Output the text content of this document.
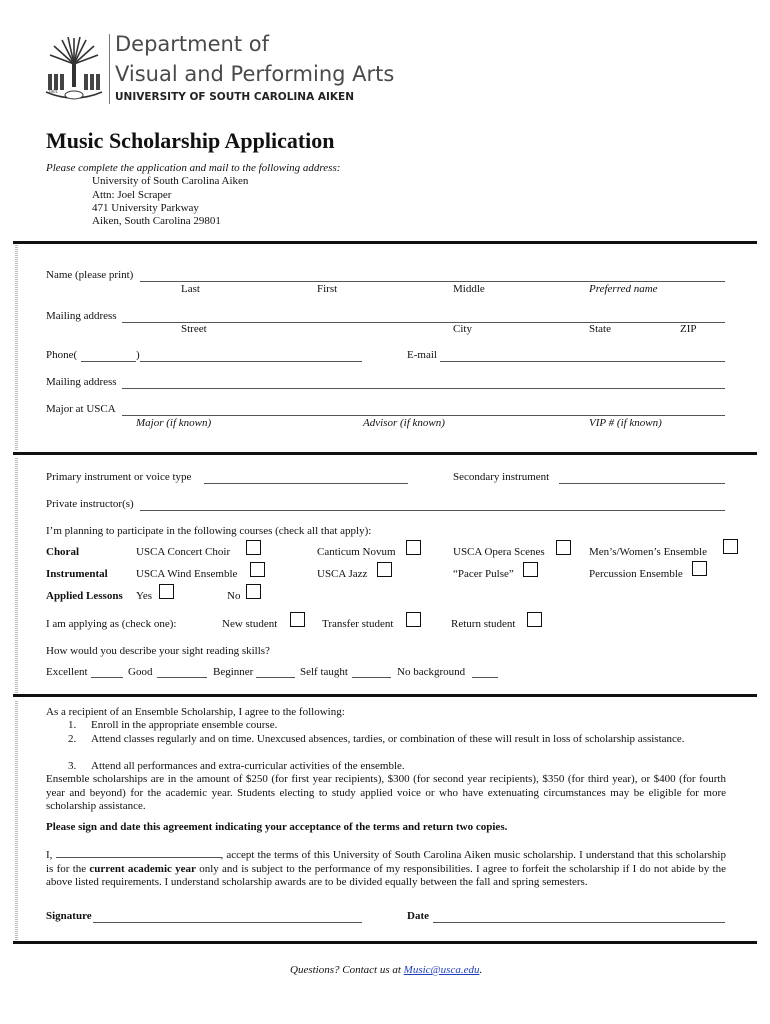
1801
Department of
Visual and Performing Arts
UNIVERSITY OF SOUTH CAROLINA AIKEN
Music Scholarship Application
Please complete the application and mail to the following address:
University of South Carolina Aiken
Attn: Joel Scraper
471 University Parkway
Aiken, South Carolina 29801
Name (please print)
Last	First	Middle	Preferred name
Mailing address
Street	City	State	ZIP
Phone(	)	E-mail
Mailing address
Major at USCA
Major (if known)	Advisor (if known)	VIP # (if known)
Primary instrument or voice type	Secondary instrument
Private instructor(s)
I’m planning to participate in the following courses (check all that apply):
Choral	USCA Concert Choir	Canticum Novum	USCA Opera Scenes	Men’s/Women’s Ensemble
Instrumental	USCA Wind Ensemble	USCA Jazz	“Pacer Pulse”	Percussion Ensemble
Applied Lessons Yes	No
I am applying as (check one):	New student	Transfer student	Return student
How would you describe your sight reading skills?
Excellent	Good	Beginner	Self taught	No background
As a recipient of an Ensemble Scholarship, I agree to the following:
1. Enroll in the appropriate ensemble course.
2. Attend classes regularly and on time. Unexcused absences, tardies, or combination of these will result in loss of scholarship assistance.
3. Attend all performances and extra-curricular activities of the ensemble.
Ensemble scholarships are in the amount of $250 (for first year recipients), $300 (for second year recipients), $350 (for third year), or $400 (for fourth year and beyond) for the academic year. Students electing to study applied voice or who have extenuating circumstances may be eligible for more scholarship assistance.
Please sign and date this agreement indicating your acceptance of the terms and return two copies.
I,	, accept the terms of this University of South Carolina Aiken music scholarship. I understand that this scholarship is for the current academic year only and is subject to the performance of my responsibilities. I agree to forfeit the scholarship if I do not abide by the above listed requirements. I understand scholarship awards are to be divided equally between the fall and spring semesters.
Signature	Date
Questions? Contact us at Music@usca.edu.
